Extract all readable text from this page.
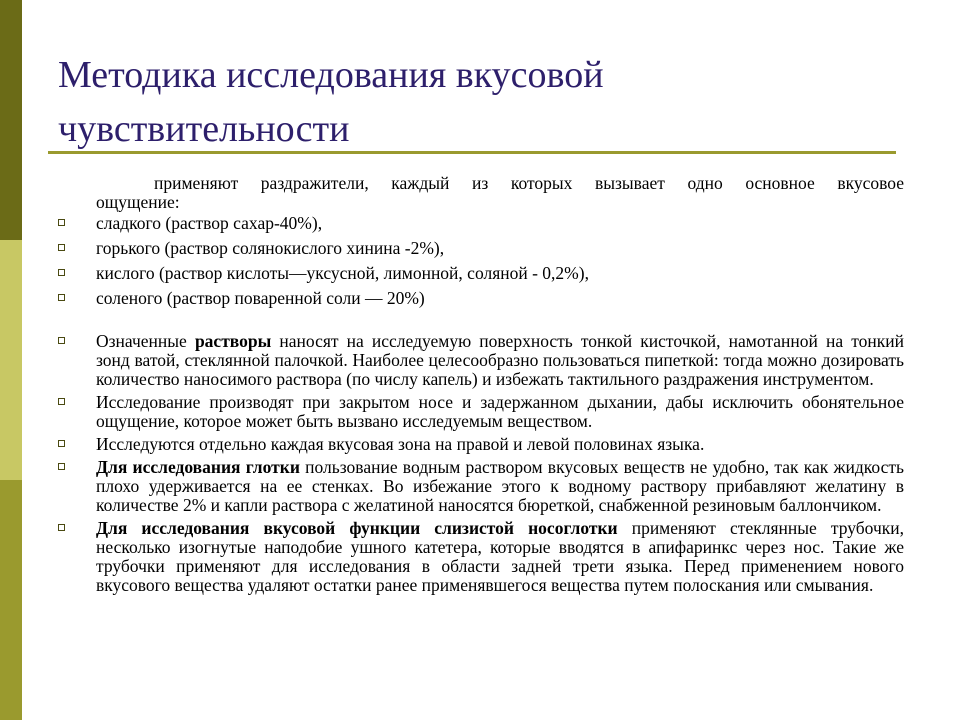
Методика исследования вкусовой
чувствительности

применяют раздражители, каждый из которых вызывает одно основное вкусовое
ощущение:

сладкого (раствор сахар-40%),
горького (раствор солянокислого хинина -2%),
кислого (раствор кислоты—уксусной, лимонной, соляной - 0,2%),
соленого (раствор поваренной соли — 20%)
Означенные растворы наносят на исследуемую поверхность тонкой кисточкой, намотанной на тонкий зонд ватой, стеклянной палочкой. Наиболее целесообразно пользоваться пипеткой: тогда можно дозировать количество наносимого раствора (по числу капель) и избежать тактильного раздражения инструментом.
Исследование производят при закрытом носе и задержанном дыхании, дабы исключить обонятельное ощущение, которое может быть вызвано исследуемым веществом.
Исследуются отдельно каждая вкусовая зона на правой и левой половинах языка.
Для исследования глотки пользование водным раствором вкусовых веществ не удобно, так как жидкость плохо удерживается на ее стенках. Во избежание этого к водному раствору прибавляют желатину в количестве 2% и капли раствора с желатиной наносятся бюреткой, снабженной резиновым баллончиком.
Для исследования вкусовой функции слизистой носоглотки применяют стеклянные трубочки, несколько изогнутые наподобие ушного катетера, которые вводятся в апифаринкс через нос. Такие же трубочки применяют для исследования в области задней трети языка. Перед применением нового вкусового вещества удаляют остатки ранее применявшегося вещества путем полоскания или смывания.
